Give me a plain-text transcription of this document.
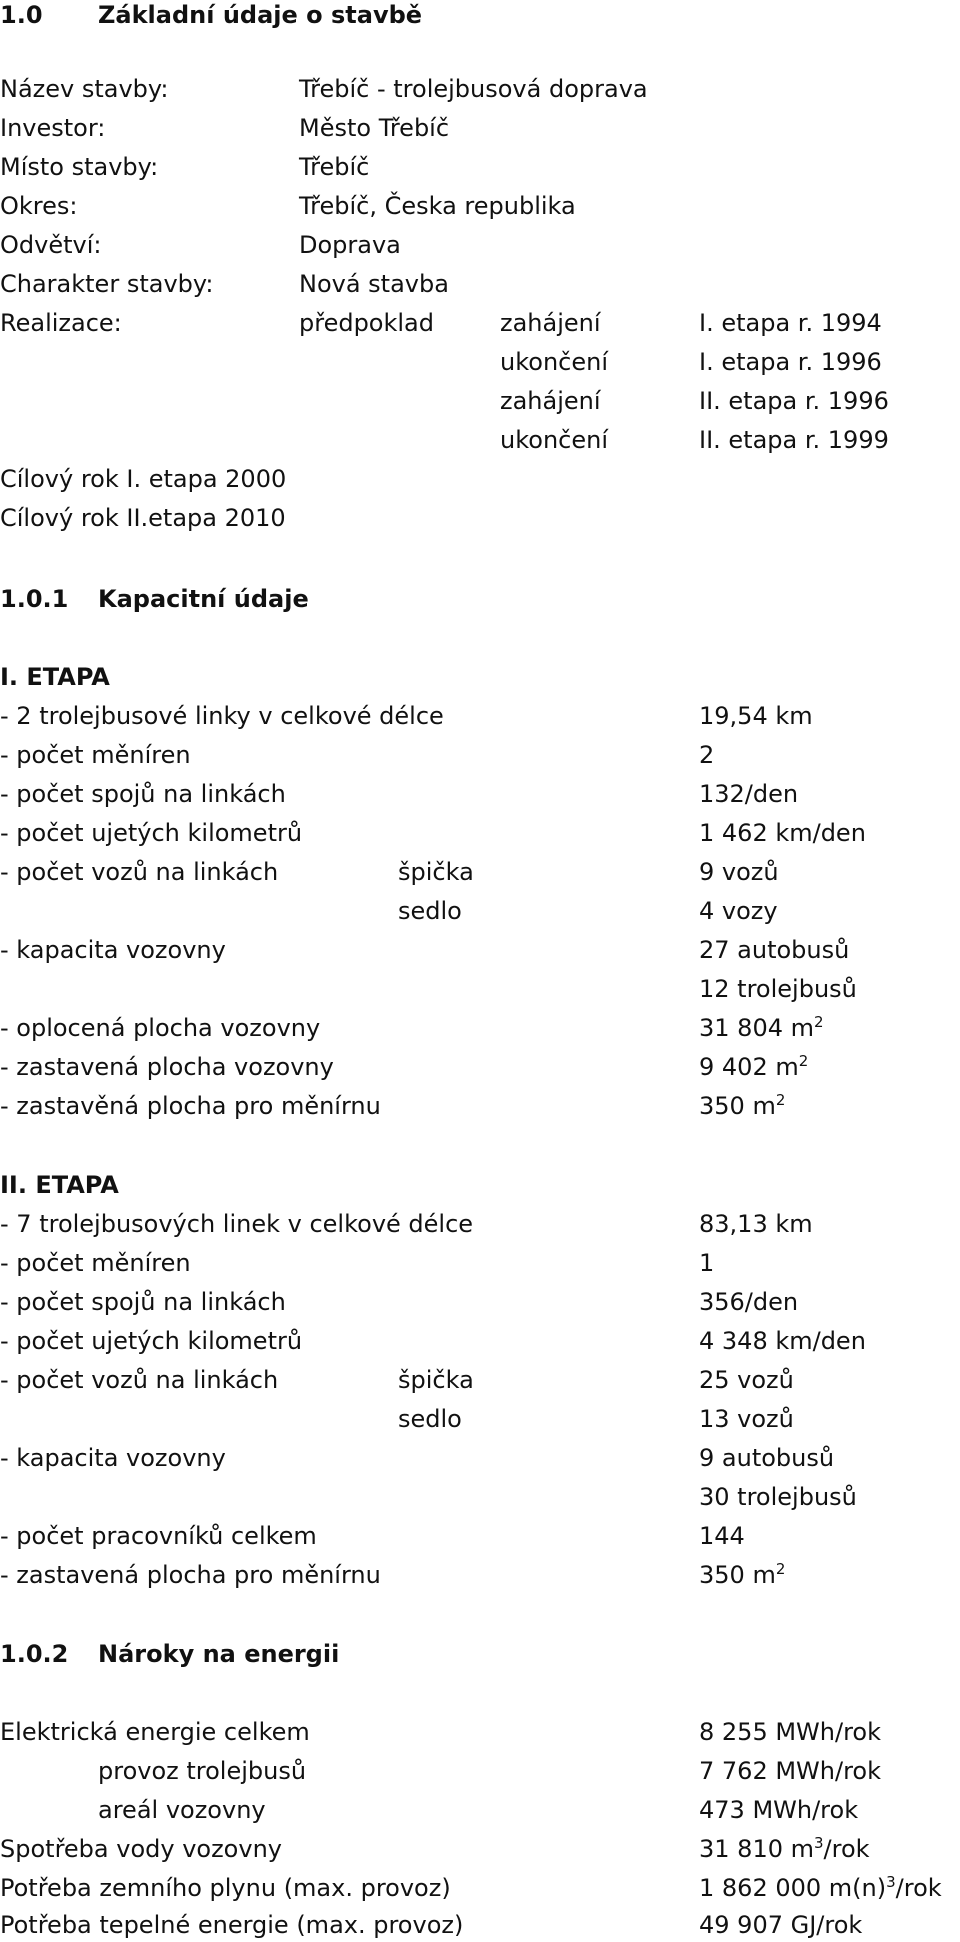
1.0 Základní údaje o stavbě
Název stavby:	Třebíč - trolejbusová doprava
Investor:	Město Třebíč
Místo stavby:	Třebíč
Okres:	Třebíč, Česka republika
Odvětví:	Doprava
Charakter stavby:	Nová stavba
Realizace:	předpoklad	zahájení	I. etapa r. 1994
ukončení	I. etapa r. 1996
zahájení	II. etapa r. 1996
ukončení	II. etapa r. 1999
Cílový rok I. etapa 2000
Cílový rok II.etapa 2010
1.0.1 Kapacitní údaje
I. ETAPA
- 2 trolejbusové linky v celkové délce	19,54 km
- počet měníren	2
- počet spojů na linkách	132/den
- počet ujetých kilometrů	1 462 km/den
- počet vozů na linkách	špička	9 vozů
sedlo	4 vozy
- kapacita vozovny	27 autobusů
12 trolejbusů
- oplocená plocha vozovny	31 804 $m^2$
- zastavená plocha vozovny	9 402 $m^2$
- zastavěná plocha pro měnírnu	350 $m^2$
II. ETAPA
- 7 trolejbusových linek v celkové délce	83,13 km
- počet měníren	1
- počet spojů na linkách	356/den
- počet ujetých kilometrů	4 348 km/den
- počet vozů na linkách	špička	25 vozů
sedlo	13 vozů
- kapacita vozovny	9 autobusů
30 trolejbusů
- počet pracovníků celkem	144
- zastavená plocha pro měnírnu	350 $m^2$
1.0.2 Nároky na energii
Elektrická energie celkem	8 255 MWh/rok
provoz trolejbusů	7 762 MWh/rok
areál vozovny	473 MWh/rok
Spotřeba vody vozovny	31 810 $m^3$/rok
Potřeba zemního plynu (max. provoz)	1 862 000 $m(n)^3$/rok
Potřeba tepelné energie (max. provoz)	49 907 GJ/rok
